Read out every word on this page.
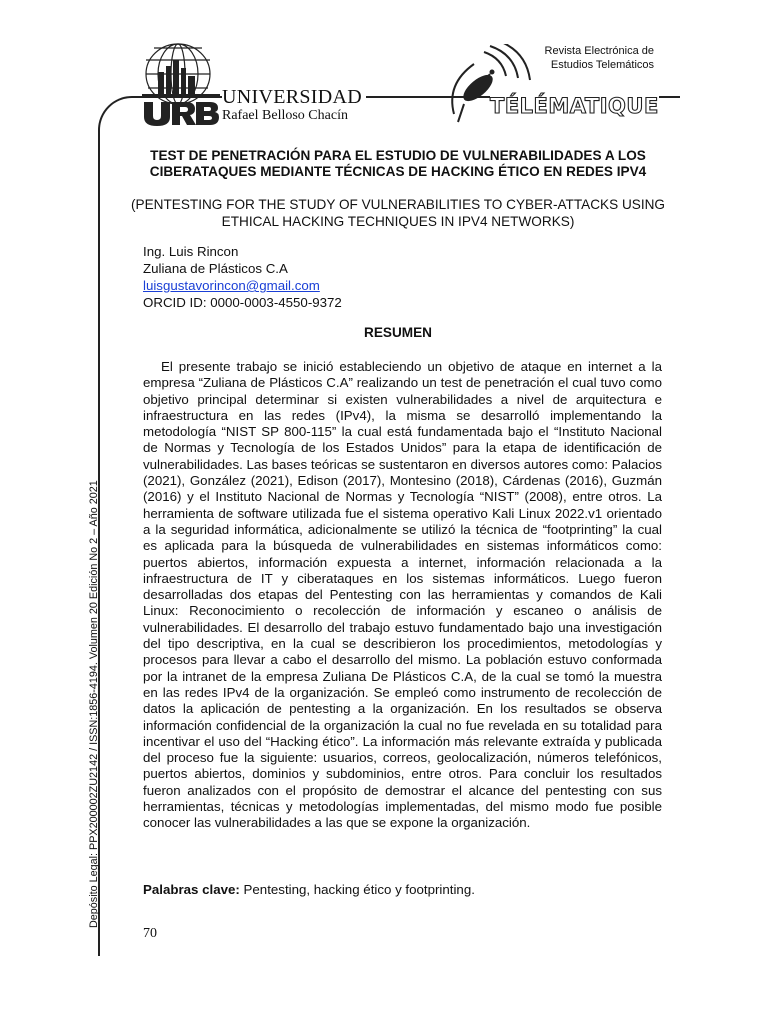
UNIVERSIDAD
Rafael Belloso Chacín
Revista Electrónica de
Estudios Telemáticos
TÉLÉMATIQUE
TEST DE PENETRACIÓN PARA EL ESTUDIO DE VULNERABILIDADES A LOS CIBERATAQUES MEDIANTE TÉCNICAS DE HACKING ÉTICO EN REDES IPV4
(PENTESTING FOR THE STUDY OF VULNERABILITIES TO CYBER-ATTACKS USING ETHICAL HACKING TECHNIQUES IN IPV4 NETWORKS)
Ing. Luis Rincon
Zuliana de Plásticos C.A
luisgustavorincon@gmail.com
ORCID ID: 0000-0003-4550-9372
RESUMEN
El presente trabajo se inició estableciendo un objetivo de ataque en internet a la empresa “Zuliana de Plásticos C.A” realizando un test de penetración el cual tuvo como objetivo principal determinar si existen vulnerabilidades a nivel de arquitectura e infraestructura en las redes (IPv4), la misma se desarrolló implementando la metodología “NIST SP 800-115” la cual está fundamentada bajo el “Instituto Nacional de Normas y Tecnología de los Estados Unidos” para la etapa de identificación de vulnerabilidades. Las bases teóricas se sustentaron en diversos autores como: Palacios (2021), González (2021), Edison (2017), Montesino (2018), Cárdenas (2016), Guzmán (2016) y el Instituto Nacional de Normas y Tecnología “NIST” (2008), entre otros. La herramienta de software utilizada fue el sistema operativo Kali Linux 2022.v1 orientado a la seguridad informática, adicionalmente se utilizó la técnica de “footprinting” la cual es aplicada para la búsqueda de vulnerabilidades en sistemas informáticos como: puertos abiertos, información expuesta a internet, información relacionada a la infraestructura de IT y ciberataques en los sistemas informáticos. Luego fueron desarrolladas dos etapas del Pentesting con las herramientas y comandos de Kali Linux: Reconocimiento o recolección de información y escaneo o análisis de vulnerabilidades. El desarrollo del trabajo estuvo fundamentado bajo una investigación del tipo descriptiva, en la cual se describieron los procedimientos, metodologías y procesos para llevar a cabo el desarrollo del mismo. La población estuvo conformada por la intranet de la empresa Zuliana De Plásticos C.A, de la cual se tomó la muestra en las redes IPv4 de la organización. Se empleó como instrumento de recolección de datos la aplicación de pentesting a la organización. En los resultados se observa información confidencial de la organización la cual no fue revelada en su totalidad para incentivar el uso del “Hacking ético”. La información más relevante extraída y publicada del proceso fue la siguiente: usuarios, correos, geolocalización, números telefónicos, puertos abiertos, dominios y subdominios, entre otros. Para concluir los resultados fueron analizados con el propósito de demostrar el alcance del pentesting con sus herramientas, técnicas y metodologías implementadas, del mismo modo fue posible conocer las vulnerabilidades a las que se expone la organización.
Palabras clave: Pentesting, hacking ético y footprinting.
70
Depósito Legal: PPX200002ZU2142 / ISSN:1856-4194. Volumen 20 Edición No 2 – Año 2021
